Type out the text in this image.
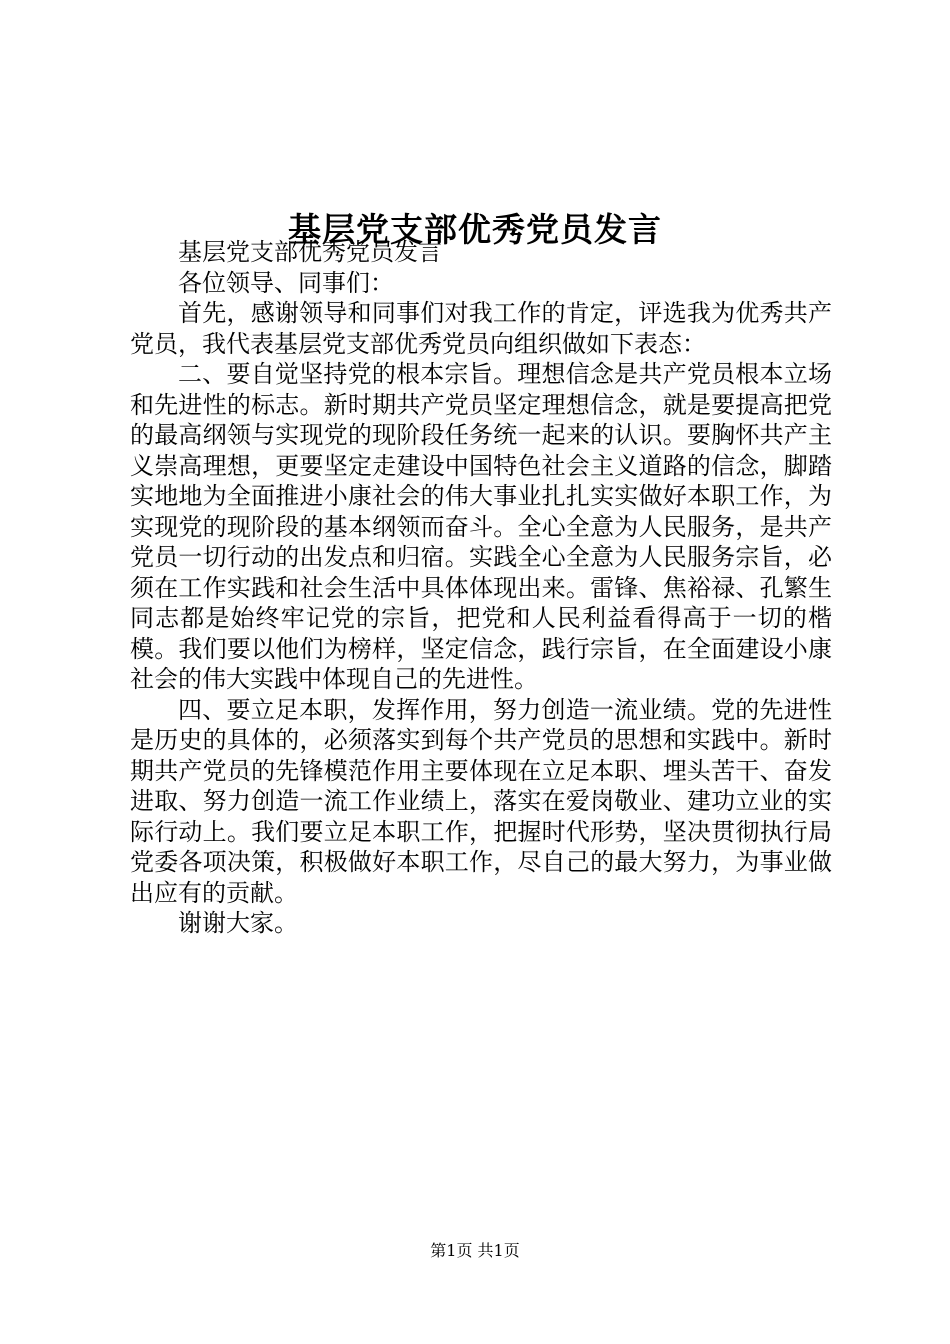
基层党支部优秀党员发言

基层党支部优秀党员发言

各位领导、同事们：

首先，感谢领导和同事们对我工作的肯定，评选我为优秀共产党员，我代表基层党支部优秀党员向组织做如下表态：

二、要自觉坚持党的根本宗旨。理想信念是共产党员根本立场和先进性的标志。新时期共产党员坚定理想信念，就是要提高把党的最高纲领与实现党的现阶段任务统一起来的认识。要胸怀共产主义崇高理想，更要坚定走建设中国特色社会主义道路的信念，脚踏实地地为全面推进小康社会的伟大事业扎扎实实做好本职工作，为实现党的现阶段的基本纲领而奋斗。全心全意为人民服务，是共产党员一切行动的出发点和归宿。实践全心全意为人民服务宗旨，必须在工作实践和社会生活中具体体现出来。雷锋、焦裕禄、孔繁生同志都是始终牢记党的宗旨，把党和人民利益看得高于一切的楷模。我们要以他们为榜样，坚定信念，践行宗旨，在全面建设小康社会的伟大实践中体现自己的先进性。

四、要立足本职，发挥作用，努力创造一流业绩。党的先进性是历史的具体的，必须落实到每个共产党员的思想和实践中。新时期共产党员的先锋模范作用主要体现在立足本职、埋头苦干、奋发进取、努力创造一流工作业绩上，落实在爱岗敬业、建功立业的实际行动上。我们要立足本职工作，把握时代形势，坚决贯彻执行局党委各项决策，积极做好本职工作，尽自己的最大努力，为事业做出应有的贡献。

谢谢大家。

第1页 共1页
